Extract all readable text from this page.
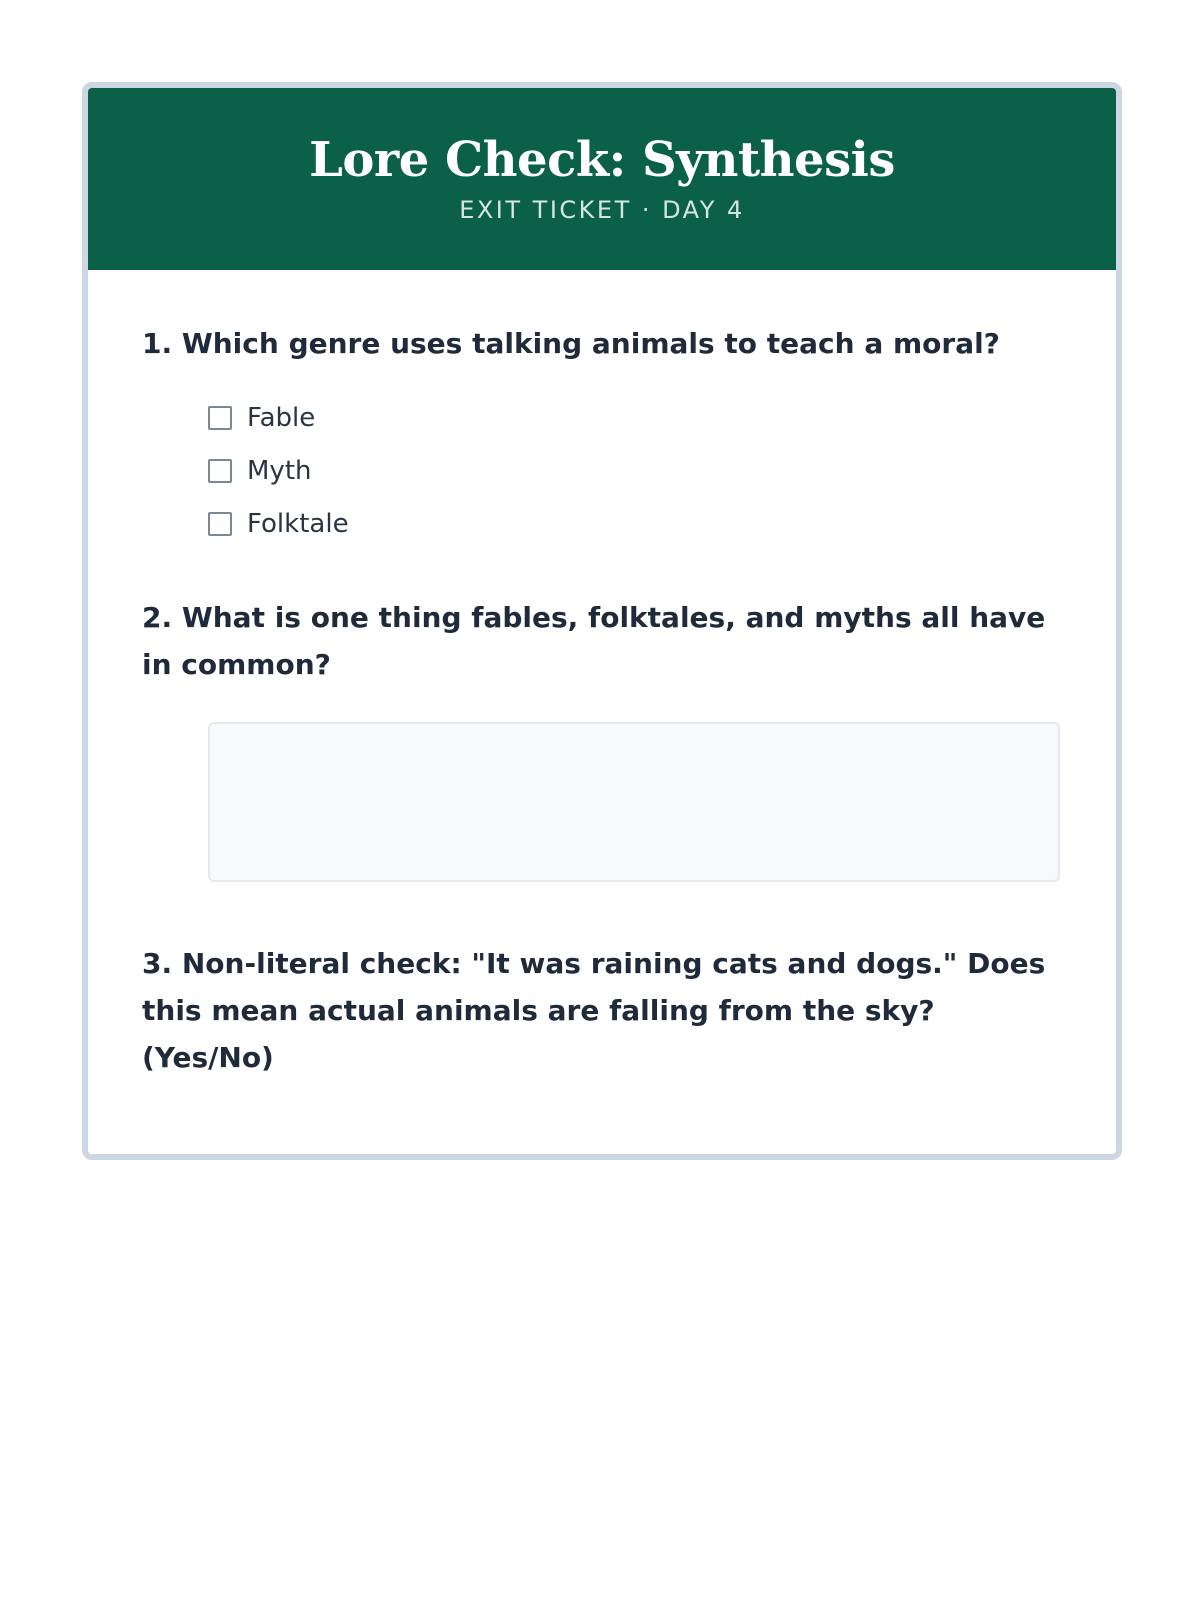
Lore Check: Synthesis
EXIT TICKET · DAY 4

1. Which genre uses talking animals to teach a moral?

Fable
Myth
Folktale

2. What is one thing fables, folktales, and myths all have in common?

3. Non-literal check: "It was raining cats and dogs." Does this mean actual animals are falling from the sky? (Yes/No)
